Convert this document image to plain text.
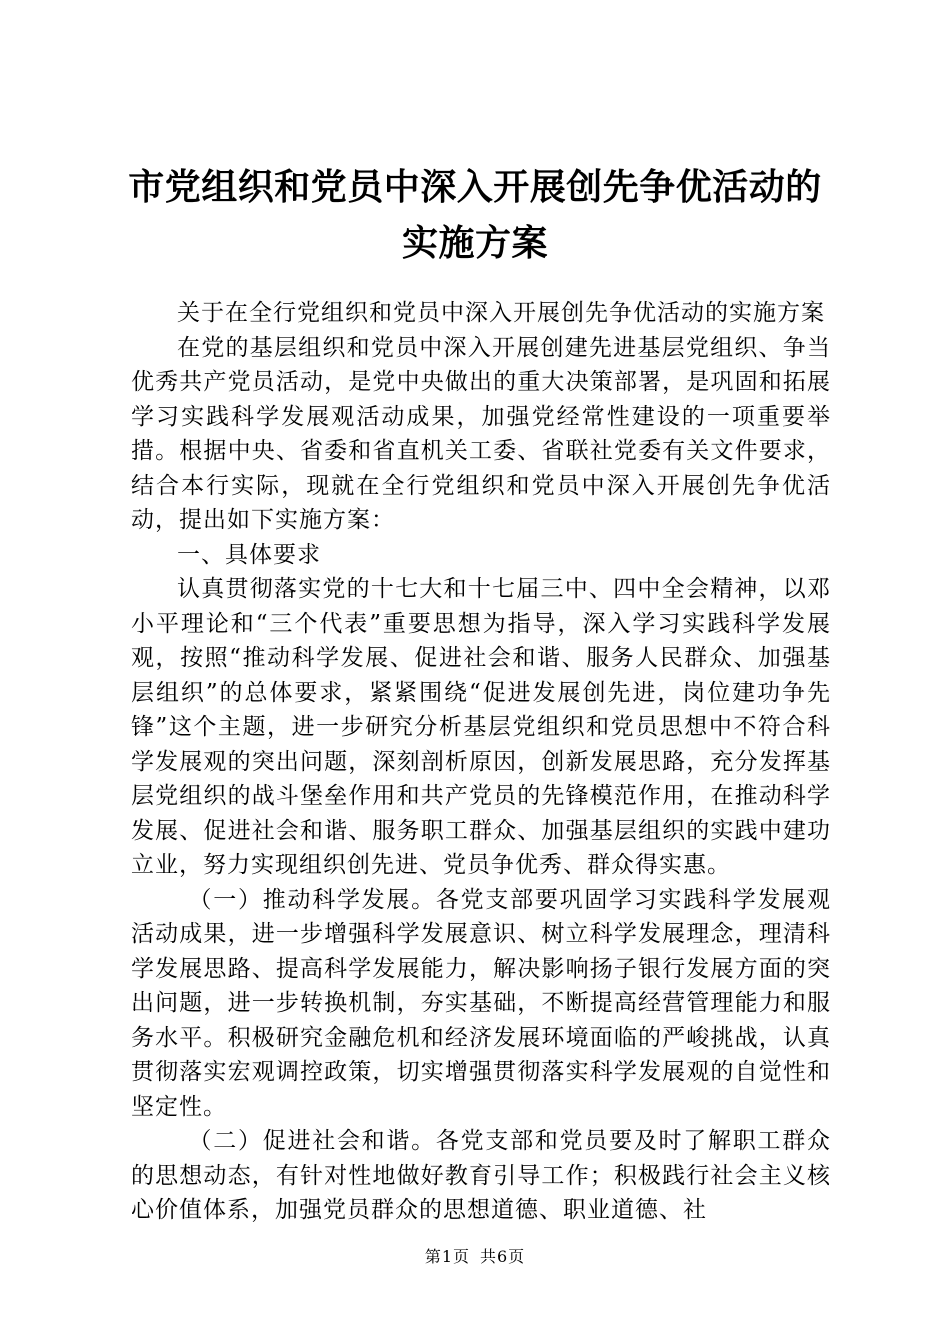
市党组织和党员中深入开展创先争优活动的实施方案

关于在全行党组织和党员中深入开展创先争优活动的实施方案

在党的基层组织和党员中深入开展创建先进基层党组织、争当优秀共产党员活动，是党中央做出的重大决策部署，是巩固和拓展学习实践科学发展观活动成果，加强党经常性建设的一项重要举措。根据中央、省委和省直机关工委、省联社党委有关文件要求，结合本行实际，现就在全行党组织和党员中深入开展创先争优活动，提出如下实施方案：

一、具体要求

认真贯彻落实党的十七大和十七届三中、四中全会精神，以邓小平理论和“三个代表”重要思想为指导，深入学习实践科学发展观，按照“推动科学发展、促进社会和谐、服务人民群众、加强基层组织”的总体要求，紧紧围绕“促进发展创先进，岗位建功争先锋”这个主题，进一步研究分析基层党组织和党员思想中不符合科学发展观的突出问题，深刻剖析原因，创新发展思路，充分发挥基层党组织的战斗堡垒作用和共产党员的先锋模范作用，在推动科学发展、促进社会和谐、服务职工群众、加强基层组织的实践中建功立业，努力实现组织创先进、党员争优秀、群众得实惠。

（一）推动科学发展。各党支部要巩固学习实践科学发展观活动成果，进一步增强科学发展意识、树立科学发展理念，理清科学发展思路、提高科学发展能力，解决影响扬子银行发展方面的突出问题，进一步转换机制，夯实基础，不断提高经营管理能力和服务水平。积极研究金融危机和经济发展环境面临的严峻挑战，认真贯彻落实宏观调控政策，切实增强贯彻落实科学发展观的自觉性和坚定性。

（二）促进社会和谐。各党支部和党员要及时了解职工群众的思想动态，有针对性地做好教育引导工作；积极践行社会主义核心价值体系，加强党员群众的思想道德、职业道德、社

第1页 共6页
